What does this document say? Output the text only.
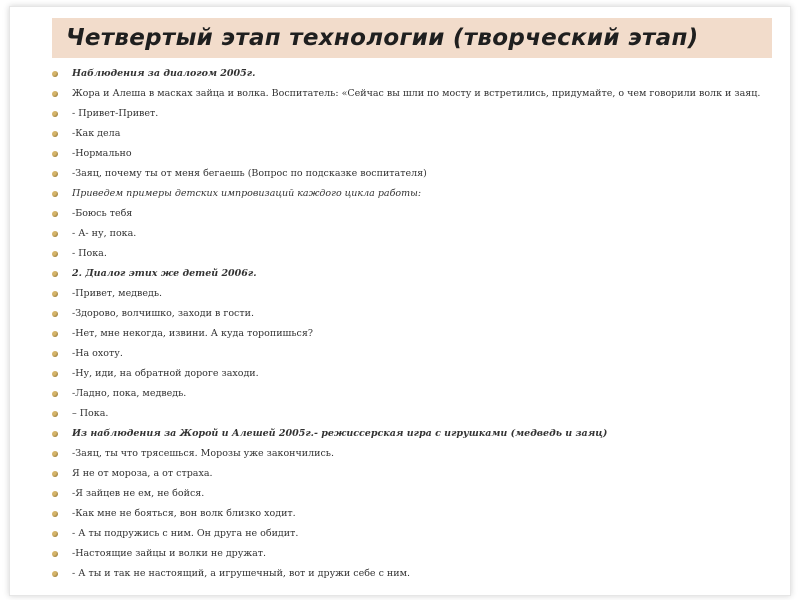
Четвертый этап технологии (творческий этап)
Наблюдения за диалогом 2005г.
Жора и Алеша в масках зайца и волка. Воспитатель: «Сейчас вы шли по мосту и встретились, придумайте, о чем говорили волк и заяц.
- Привет-Привет.
-Как дела
-Нормально
-Заяц, почему ты от меня бегаешь (Вопрос по подсказке воспитателя)
Приведем примеры детских импровизаций каждого цикла работы:
-Боюсь тебя
- А- ну, пока.
- Пока.
2. Диалог этих же детей 2006г.
-Привет, медведь.
-Здорово, волчишко, заходи в гости.
-Нет, мне некогда, извини. А куда торопишься?
-На охоту.
-Ну, иди, на обратной дороге заходи.
-Ладно, пока, медведь.
– Пока.
Из наблюдения за Жорой и Алешей 2005г.- режиссерская игра с игрушками (медведь и заяц)
-Заяц, ты что трясешься. Морозы уже закончились.
Я не от мороза, а от страха.
-Я зайцев не ем, не бойся.
-Как мне не бояться, вон волк близко ходит.
- А ты подружись с ним. Он друга не обидит.
-Настоящие зайцы и волки не дружат.
- А ты и так не настоящий, а игрушечный, вот и дружи себе с ним.
